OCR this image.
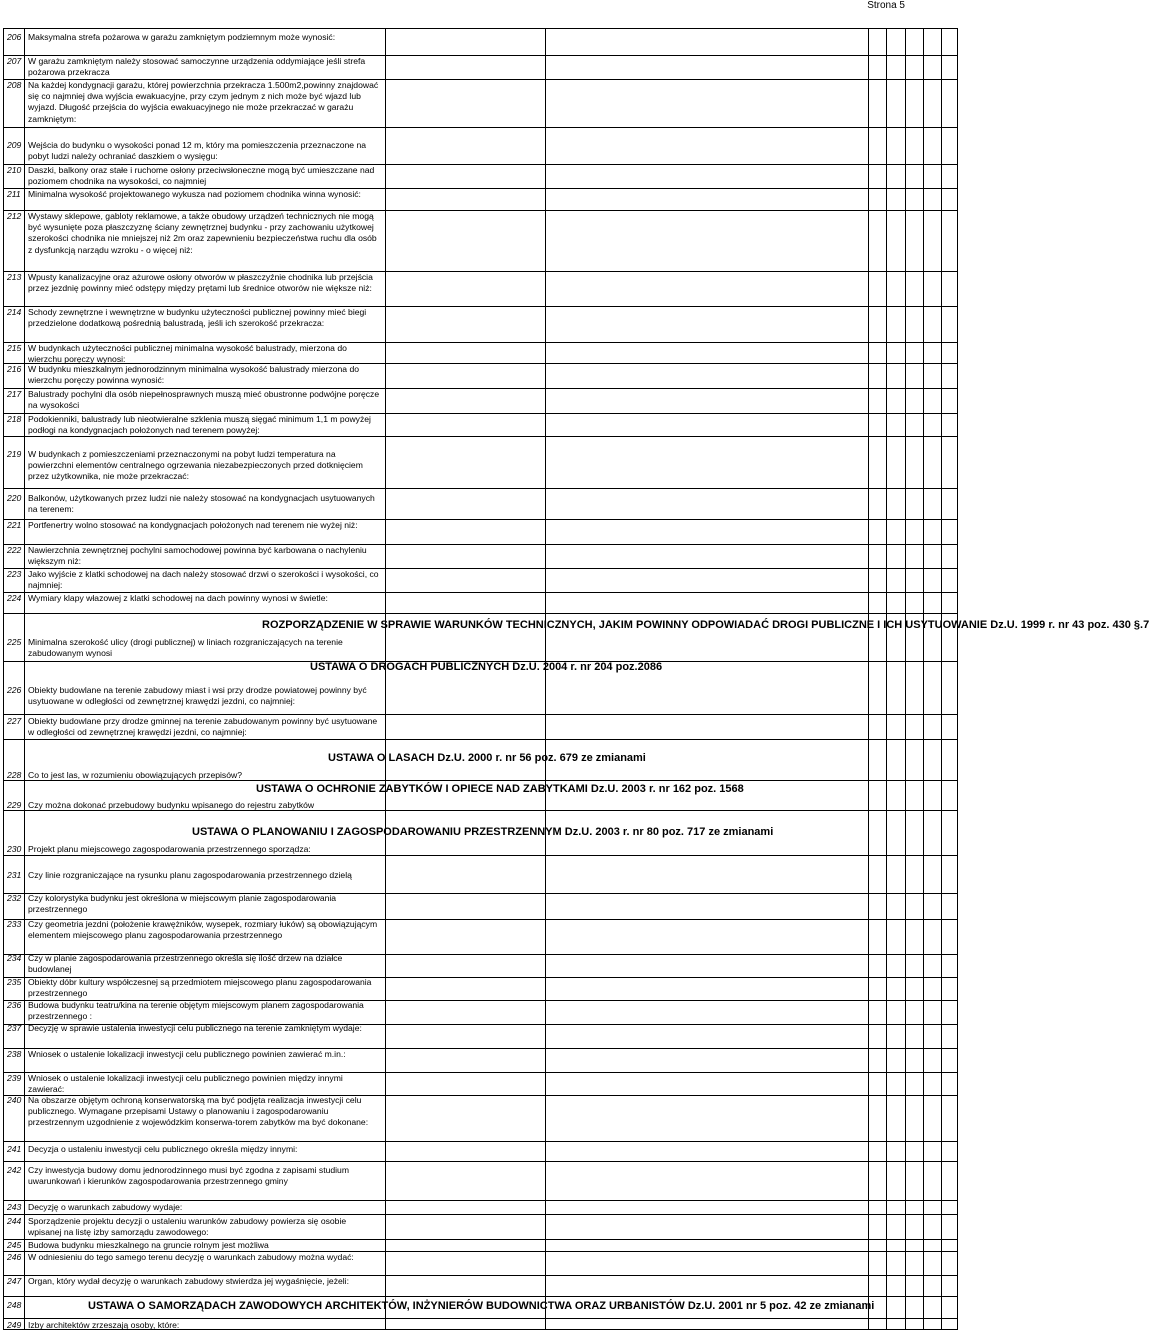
Strona 5
206 Maksymalna strefa pożarowa w garażu zamkniętym podziemnym może wynosić:
207 W garażu zamkniętym należy stosować samoczynne urządzenia oddymiające jeśli strefa pożarowa przekracza
208 Na każdej kondygnacji garażu, której powierzchnia przekracza 1.500m2,powinny znajdować się co najmniej dwa wyjścia ewakuacyjne, przy czym jednym z nich może być wjazd lub wyjazd. Długość przejścia do wyjścia ewakuacyjnego nie może przekraczać w garażu zamkniętym:
209 Wejścia do budynku o wysokości ponad 12 m, który ma pomieszczenia przeznaczone na pobyt ludzi należy ochraniać daszkiem o wysięgu:
210 Daszki, balkony oraz stałe i ruchome osłony przeciwsłoneczne mogą być umieszczane nad poziomem chodnika na wysokości, co najmniej
211 Minimalna wysokość projektowanego wykusza nad poziomem chodnika winna wynosić:
212 Wystawy sklepowe, gabloty reklamowe, a także obudowy urządzeń technicznych nie mogą być wysunięte poza płaszczyznę ściany zewnętrznej budynku - przy zachowaniu użytkowej szerokości chodnika nie mniejszej niż 2m oraz zapewnieniu bezpieczeństwa ruchu dla osób z dysfunkcją narządu wzroku - o więcej niż:
213 Wpusty kanalizacyjne oraz ażurowe osłony otworów w płaszczyźnie chodnika lub przejścia przez jezdnię powinny mieć odstępy między prętami lub średnice otworów nie większe niż:
214 Schody zewnętrzne i wewnętrzne w budynku użyteczności publicznej powinny mieć biegi przedzielone dodatkową pośrednią balustradą, jeśli ich szerokość przekracza:
215 W budynkach użyteczności publicznej minimalna wysokość balustrady, mierzona do wierzchu poręczy wynosi:
216 W budynku mieszkalnym jednorodzinnym minimalna wysokość balustrady mierzona do wierzchu poręczy powinna wynosić:
217 Balustrady pochylni dla osób niepełnosprawnych muszą mieć obustronne podwójne poręcze na wysokości
218 Podokienniki, balustrady lub nieotwieralne szklenia muszą sięgać minimum 1,1 m powyżej podłogi na kondygnacjach położonych nad terenem powyżej:
219 W budynkach z pomieszczeniami przeznaczonymi na pobyt ludzi temperatura na powierzchni elementów centralnego ogrzewania niezabezpieczonych przed dotknięciem przez użytkownika, nie może przekraczać:
220 Balkonów, użytkowanych przez ludzi nie należy stosować na kondygnacjach usytuowanych na terenem:
221 Portfenertry wolno stosować na kondygnacjach położonych nad terenem nie wyżej niż:
222 Nawierzchnia zewnętrznej pochylni samochodowej powinna być karbowana o nachyleniu większym niż:
223 Jako wyjście z klatki schodowej na dach należy stosować drzwi o szerokości i wysokości, co najmniej:
224 Wymiary klapy włazowej z klatki schodowej na dach powinny wynosi w świetle:
225 Minimalna szerokość ulicy (drogi publicznej) w liniach rozgraniczających na terenie zabudowanym wynosi
226 Obiekty budowlane na terenie zabudowy miast i wsi przy drodze powiatowej powinny być usytuowane w odległości od zewnętrznej krawędzi jezdni, co najmniej:
227 Obiekty budowlane przy drodze gminnej na terenie zabudowanym powinny być usytuowane w odległości od zewnętrznej krawędzi jezdni, co najmniej:
228 Co to jest las, w rozumieniu obowiązujących przepisów?
229 Czy można dokonać przebudowy budynku wpisanego do rejestru zabytków
230 Projekt planu miejscowego zagospodarowania przestrzennego sporządza:
231 Czy linie rozgraniczające na rysunku planu zagospodarowania przestrzennego dzielą
232 Czy kolorystyka budynku jest określona w miejscowym planie zagospodarowania przestrzennego
233 Czy geometria jezdni (położenie krawężników, wysepek, rozmiary łuków) są obowiązującym elementem miejscowego planu zagospodarowania przestrzennego
234 Czy w planie zagospodarowania przestrzennego określa się ilość drzew na działce budowlanej
235 Obiekty dóbr kultury współczesnej są przedmiotem miejscowego planu zagospodarowania przestrzennego
236 Budowa budynku teatru/kina na terenie objętym miejscowym planem zagospodarowania przestrzennego :
237 Decyzję w sprawie ustalenia inwestycji celu publicznego na terenie zamkniętym wydaje:
238 Wniosek o ustalenie lokalizacji inwestycji celu publicznego powinien zawierać m.in.:
239 Wniosek o ustalenie lokalizacji inwestycji celu publicznego powinien między innymi zawierać:
240 Na obszarze objętym ochroną konserwatorską ma być podjęta realizacja inwestycji celu publicznego. Wymagane przepisami Ustawy o planowaniu i zagospodarowaniu przestrzennym uzgodnienie z wojewódzkim konserwa-torem zabytków ma być dokonane:
241 Decyzja o ustaleniu inwestycji celu publicznego określa między innymi:
242 Czy inwestycja budowy domu jednorodzinnego musi być zgodna z zapisami studium uwarunkowań i kierunków zagospodarowania przestrzennego gminy
243 Decyzję o warunkach zabudowy wydaje:
244 Sporządzenie projektu decyzji o ustaleniu warunków zabudowy powierza się osobie wpisanej na listę izby samorządu zawodowego:
245 Budowa budynku mieszkalnego na gruncie rolnym jest możliwa
246 W odniesieniu do tego samego terenu decyzję o warunkach zabudowy można wydać:
247 Organ, który wydał decyzję o warunkach zabudowy stwierdza jej wygaśnięcie, jeżeli:
248
249 Izby architektów zrzeszają osoby, które:
ROZPORZĄDZENIE W SPRAWIE WARUNKÓW TECHNICZNYCH, JAKIM POWINNY ODPOWIADAĆ DROGI PUBLICZNE I ICH USYTUOWANIE Dz.U. 1999 r. nr 43 poz. 430 §.7
USTAWA O DROGACH PUBLICZNYCH Dz.U. 2004 r. nr 204 poz.2086
USTAWA O LASACH Dz.U. 2000 r. nr 56 poz. 679 ze zmianami
USTAWA O OCHRONIE ZABYTKÓW I OPIECE NAD ZABYTKAMI Dz.U. 2003 r. nr 162 poz. 1568
USTAWA O PLANOWANIU I ZAGOSPODAROWANIU PRZESTRZENNYM Dz.U. 2003 r. nr 80 poz. 717 ze zmianami
USTAWA O SAMORZĄDACH ZAWODOWYCH ARCHITEKTÓW, INŻYNIERÓW BUDOWNICTWA ORAZ URBANISTÓW Dz.U. 2001 nr 5 poz. 42 ze zmianami
